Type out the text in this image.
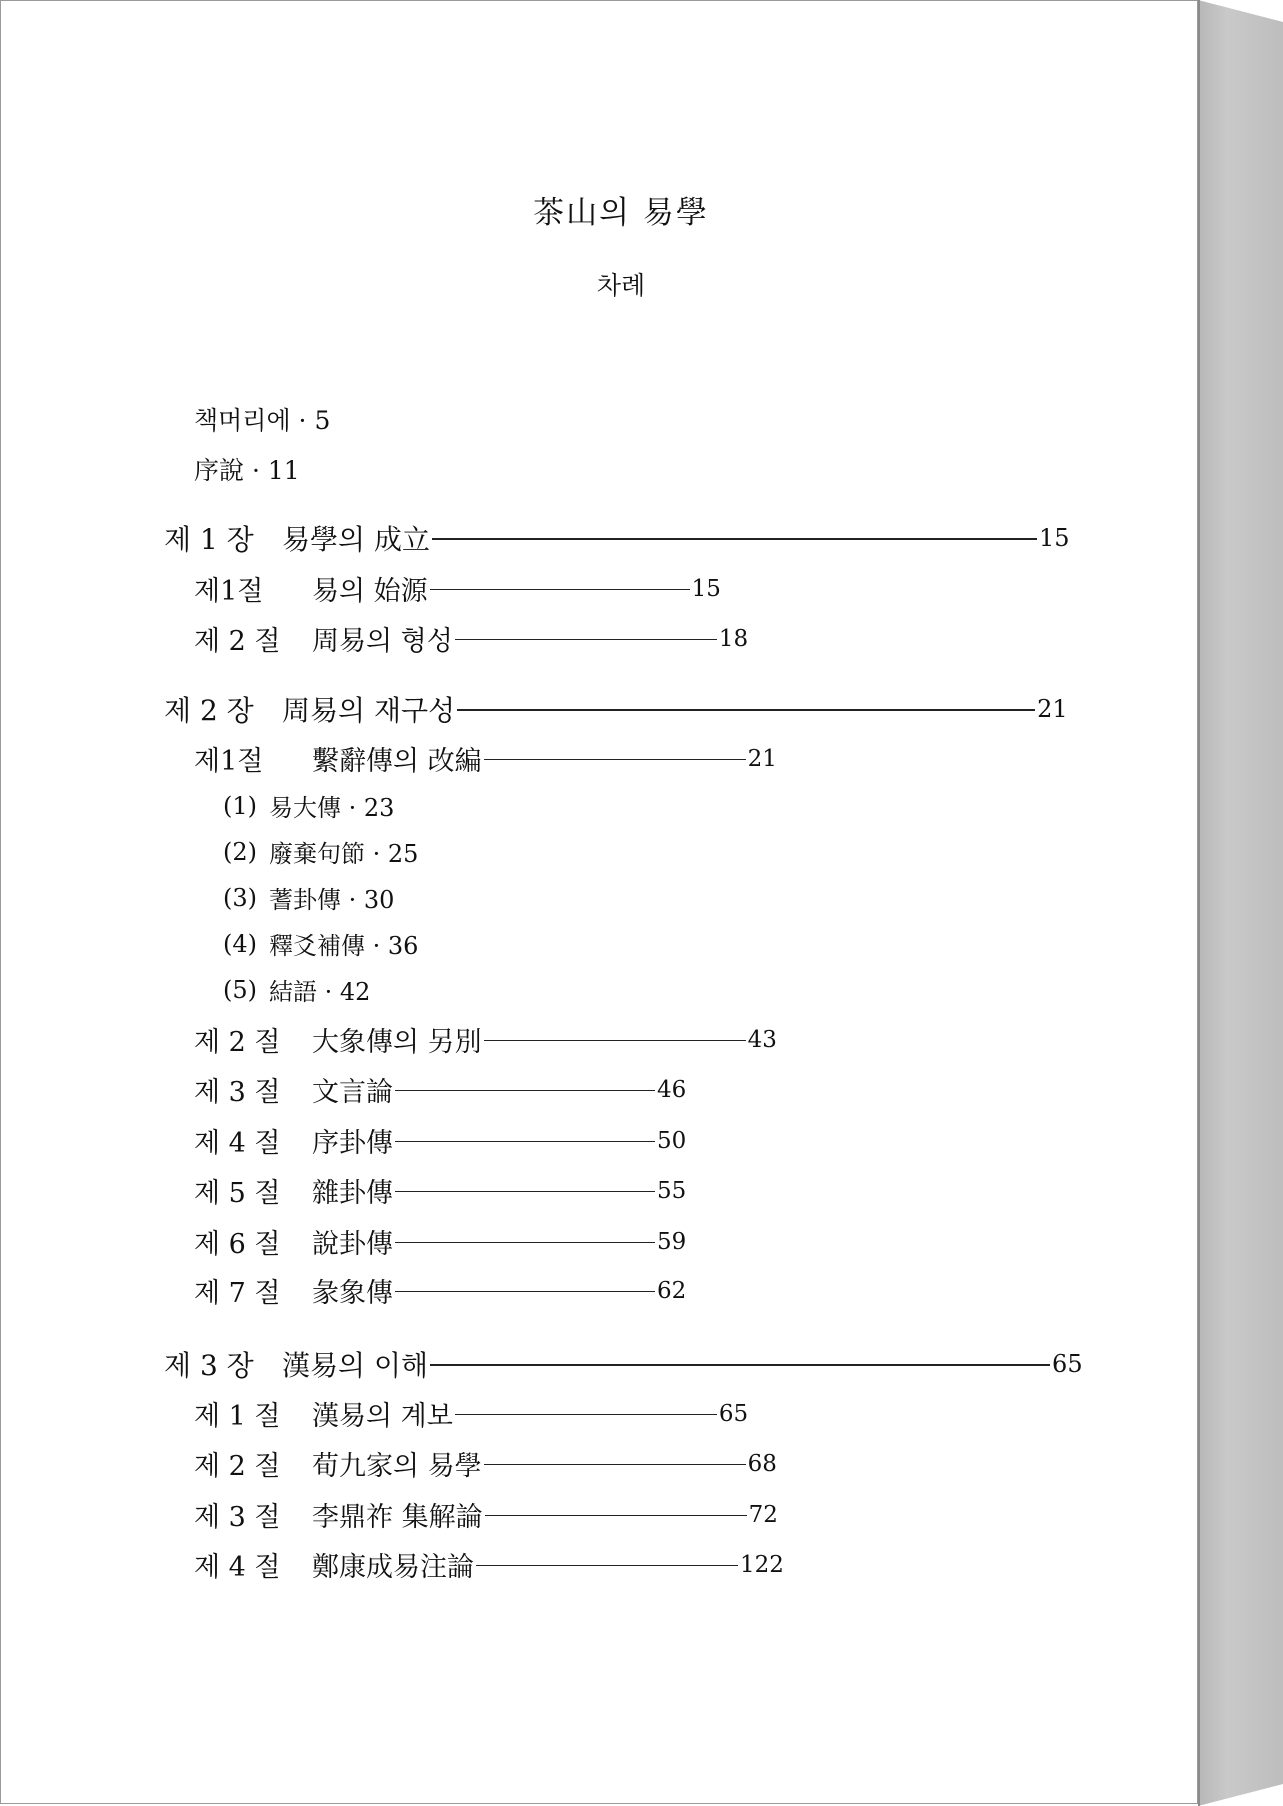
茶山의 易學
차례
책머리에 · 5
序說 · 11
제 1 장	易學의 成立	15
제1절	易의 始源	15
제 2 절	周易의 형성	18
제 2 장	周易의 재구성	21
제1절	繫辭傳의 改編	21
(1) 易大傳 · 23
(2) 廢棄句節 · 25
(3) 蓍卦傳 · 30
(4) 釋爻補傳 · 36
(5) 結語 · 42
제 2 절	大象傳의 另別	43
제 3 절	文言論	46
제 4 절	序卦傳	50
제 5 절	雜卦傳	55
제 6 절	說卦傳	59
제 7 절	彖象傳	62
제 3 장	漢易의 이해	65
제 1 절	漢易의 계보	65
제 2 절	荀九家의 易學	68
제 3 절	李鼎祚 集解論	72
제 4 절	鄭康成易注論	122
